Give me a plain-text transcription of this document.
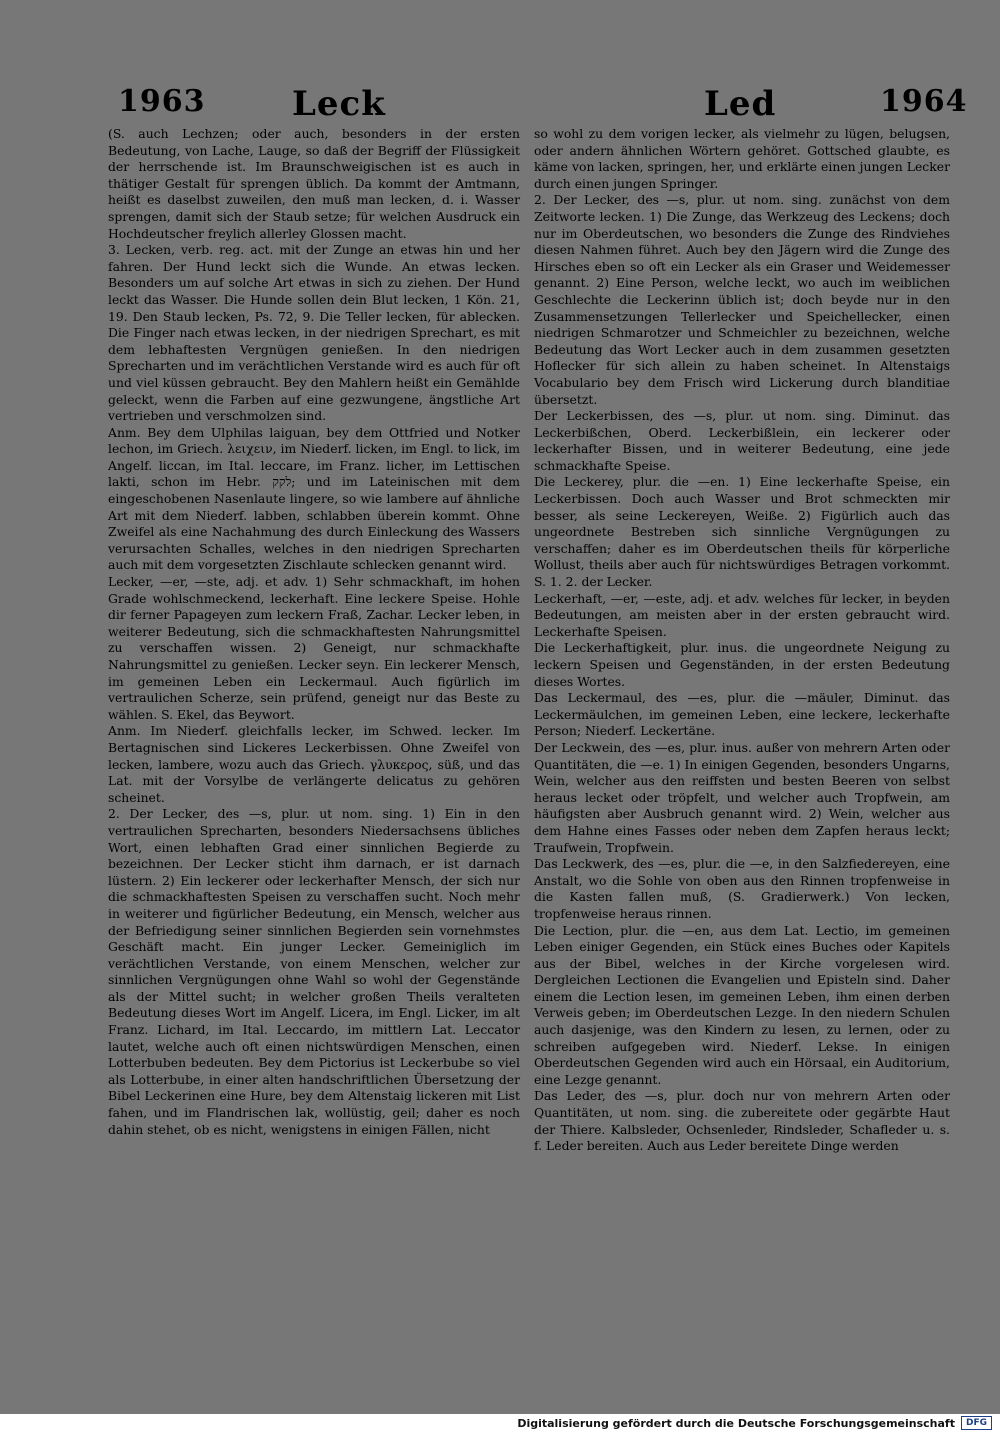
1963	Leck	Led	1964

(S. auch Lechzen; oder auch, besonders in der ersten Bedeutung, von Lache, Lauge, so daß der Begriff der Flüssigkeit der herrschende ist. Im Braunschweigischen ist es auch in thätiger Gestalt für sprengen üblich. Da kommt der Amtmann, heißt es daselbst zuweilen, den muß man lecken, d. i. Wasser sprengen, damit sich der Staub setze; für welchen Ausdruck ein Hochdeutscher freylich allerley Glossen macht.

3. Lecken, verb. reg. act. mit der Zunge an etwas hin und her fahren. Der Hund leckt sich die Wunde. An etwas lecken. Besonders um auf solche Art etwas in sich zu ziehen. Der Hund leckt das Wasser. Die Hunde sollen dein Blut lecken, 1 Kön. 21, 19. Den Staub lecken, Ps. 72, 9. Die Teller lecken, für ablecken. Die Finger nach etwas lecken, in der niedrigen Sprechart, es mit dem lebhaftesten Vergnügen genießen. In den niedrigen Sprecharten und im verächtlichen Verstande wird es auch für oft und viel küssen gebraucht. Bey den Mahlern heißt ein Gemählde geleckt, wenn die Farben auf eine gezwungene, ängstliche Art vertrieben und verschmolzen sind.

Anm. Bey dem Ulphilas laiguan, bey dem Ottfried und Notker lechon, im Griech. λειχειν, im Niederf. licken, im Engl. to lick, im Angelf. liccan, im Ital. leccare, im Franz. licher, im Lettischen lakti, schon im Hebr. לקק; und im Lateinischen mit dem eingeschobenen Nasenlaute lingere, so wie lambere auf ähnliche Art mit dem Niederf. labben, schlabben überein kommt. Ohne Zweifel als eine Nachahmung des durch Einleckung des Wassers verursachten Schalles, welches in den niedrigen Sprecharten auch mit dem vorgesetzten Zischlaute schlecken genannt wird.

Lecker, —er, —ste, adj. et adv. 1) Sehr schmackhaft, im hohen Grade wohlschmeckend, leckerhaft. Eine leckere Speise. Hohle dir ferner Papageyen zum leckern Fraß, Zachar. Lecker leben, in weiterer Bedeutung, sich die schmackhaftesten Nahrungsmittel zu verschaffen wissen. 2) Geneigt, nur schmackhafte Nahrungsmittel zu genießen. Lecker seyn. Ein leckerer Mensch, im gemeinen Leben ein Leckermaul. Auch figürlich im vertraulichen Scherze, sein prüfend, geneigt nur das Beste zu wählen. S. Ekel, das Beywort.

Anm. Im Niederf. gleichfalls lecker, im Schwed. lecker. Im Bertagnischen sind Lickeres Leckerbissen. Ohne Zweifel von lecken, lambere, wozu auch das Griech. γλυκερος, süß, und das Lat. mit der Vorsylbe de verlängerte delicatus zu gehören scheinet.

2. Der Lecker, des —s, plur. ut nom. sing. 1) Ein in den vertraulichen Sprecharten, besonders Niedersachsens übliches Wort, einen lebhaften Grad einer sinnlichen Begierde zu bezeichnen. Der Lecker sticht ihm darnach, er ist darnach lüstern. 2) Ein leckerer oder leckerhafter Mensch, der sich nur die schmackhaftesten Speisen zu verschaffen sucht. Noch mehr in weiterer und figürlicher Bedeutung, ein Mensch, welcher aus der Befriedigung seiner sinnlichen Begierden sein vornehmstes Geschäft macht. Ein junger Lecker. Gemeiniglich im verächtlichen Verstande, von einem Menschen, welcher zur sinnlichen Vergnügungen ohne Wahl so wohl der Gegenstände als der Mittel sucht; in welcher großen Theils veralteten Bedeutung dieses Wort im Angelf. Licera, im Engl. Licker, im alt Franz. Lichard, im Ital. Leccardo, im mittlern Lat. Leccator lautet, welche auch oft einen nichtswürdigen Menschen, einen Lotterbuben bedeuten. Bey dem Pictorius ist Leckerbube so viel als Lotterbube, in einer alten handschriftlichen Übersetzung der Bibel Leckerinen eine Hure, bey dem Altenstaig lickeren mit List fahen, und im Flandrischen lak, wollüstig, geil; daher es noch dahin stehet, ob es nicht, wenigstens in einigen Fällen, nicht

so wohl zu dem vorigen lecker, als vielmehr zu lügen, belugsen, oder andern ähnlichen Wörtern gehöret. Gottsched glaubte, es käme von lacken, springen, her, und erklärte einen jungen Lecker durch einen jungen Springer.

2. Der Lecker, des —s, plur. ut nom. sing. zunächst von dem Zeitworte lecken. 1) Die Zunge, das Werkzeug des Leckens; doch nur im Oberdeutschen, wo besonders die Zunge des Rindviehes diesen Nahmen führet. Auch bey den Jägern wird die Zunge des Hirsches eben so oft ein Lecker als ein Graser und Weidemesser genannt. 2) Eine Person, welche leckt, wo auch im weiblichen Geschlechte die Leckerinn üblich ist; doch beyde nur in den Zusammensetzungen Tellerlecker und Speichellecker, einen niedrigen Schmarotzer und Schmeichler zu bezeichnen, welche Bedeutung das Wort Lecker auch in dem zusammen gesetzten Hoflecker für sich allein zu haben scheinet. In Altenstaigs Vocabulario bey dem Frisch wird Lickerung durch blanditiae übersetzt.

Der Leckerbissen, des —s, plur. ut nom. sing. Diminut. das Leckerbißchen, Oberd. Leckerbißlein, ein leckerer oder leckerhafter Bissen, und in weiterer Bedeutung, eine jede schmackhafte Speise.

Die Leckerey, plur. die —en. 1) Eine leckerhafte Speise, ein Leckerbissen. Doch auch Wasser und Brot schmeckten mir besser, als seine Leckereyen, Weiße. 2) Figürlich auch das ungeordnete Bestreben sich sinnliche Vergnügungen zu verschaffen; daher es im Oberdeutschen theils für körperliche Wollust, theils aber auch für nichtswürdiges Betragen vorkommt. S. 1. 2. der Lecker.

Leckerhaft, —er, —este, adj. et adv. welches für lecker, in beyden Bedeutungen, am meisten aber in der ersten gebraucht wird. Leckerhafte Speisen.

Die Leckerhaftigkeit, plur. inus. die ungeordnete Neigung zu leckern Speisen und Gegenständen, in der ersten Bedeutung dieses Wortes.

Das Leckermaul, des —es, plur. die —mäuler, Diminut. das Leckermäulchen, im gemeinen Leben, eine leckere, leckerhafte Person; Niederf. Leckertäne.

Der Leckwein, des —es, plur. inus. außer von mehrern Arten oder Quantitäten, die —e. 1) In einigen Gegenden, besonders Ungarns, Wein, welcher aus den reiffsten und besten Beeren von selbst heraus lecket oder tröpfelt, und welcher auch Tropfwein, am häufigsten aber Ausbruch genannt wird. 2) Wein, welcher aus dem Hahne eines Fasses oder neben dem Zapfen heraus leckt; Traufwein, Tropfwein.

Das Leckwerk, des —es, plur. die —e, in den Salzfiedereyen, eine Anstalt, wo die Sohle von oben aus den Rinnen tropfenweise in die Kasten fallen muß, (S. Gradierwerk.) Von lecken, tropfenweise heraus rinnen.

Die Lection, plur. die —en, aus dem Lat. Lectio, im gemeinen Leben einiger Gegenden, ein Stück eines Buches oder Kapitels aus der Bibel, welches in der Kirche vorgelesen wird. Dergleichen Lectionen die Evangelien und Episteln sind. Daher einem die Lection lesen, im gemeinen Leben, ihm einen derben Verweis geben; im Oberdeutschen Lezge. In den niedern Schulen auch dasjenige, was den Kindern zu lesen, zu lernen, oder zu schreiben aufgegeben wird. Niederf. Lekse. In einigen Oberdeutschen Gegenden wird auch ein Hörsaal, ein Auditorium, eine Lezge genannt.

Das Leder, des —s, plur. doch nur von mehrern Arten oder Quantitäten, ut nom. sing. die zubereitete oder gegärbte Haut der Thiere. Kalbsleder, Ochsenleder, Rindsleder, Schafleder u. s. f. Leder bereiten. Auch aus Leder bereitete Dinge werden

Digitalisierung gefördert durch die Deutsche Forschungsgemeinschaft	DFG
